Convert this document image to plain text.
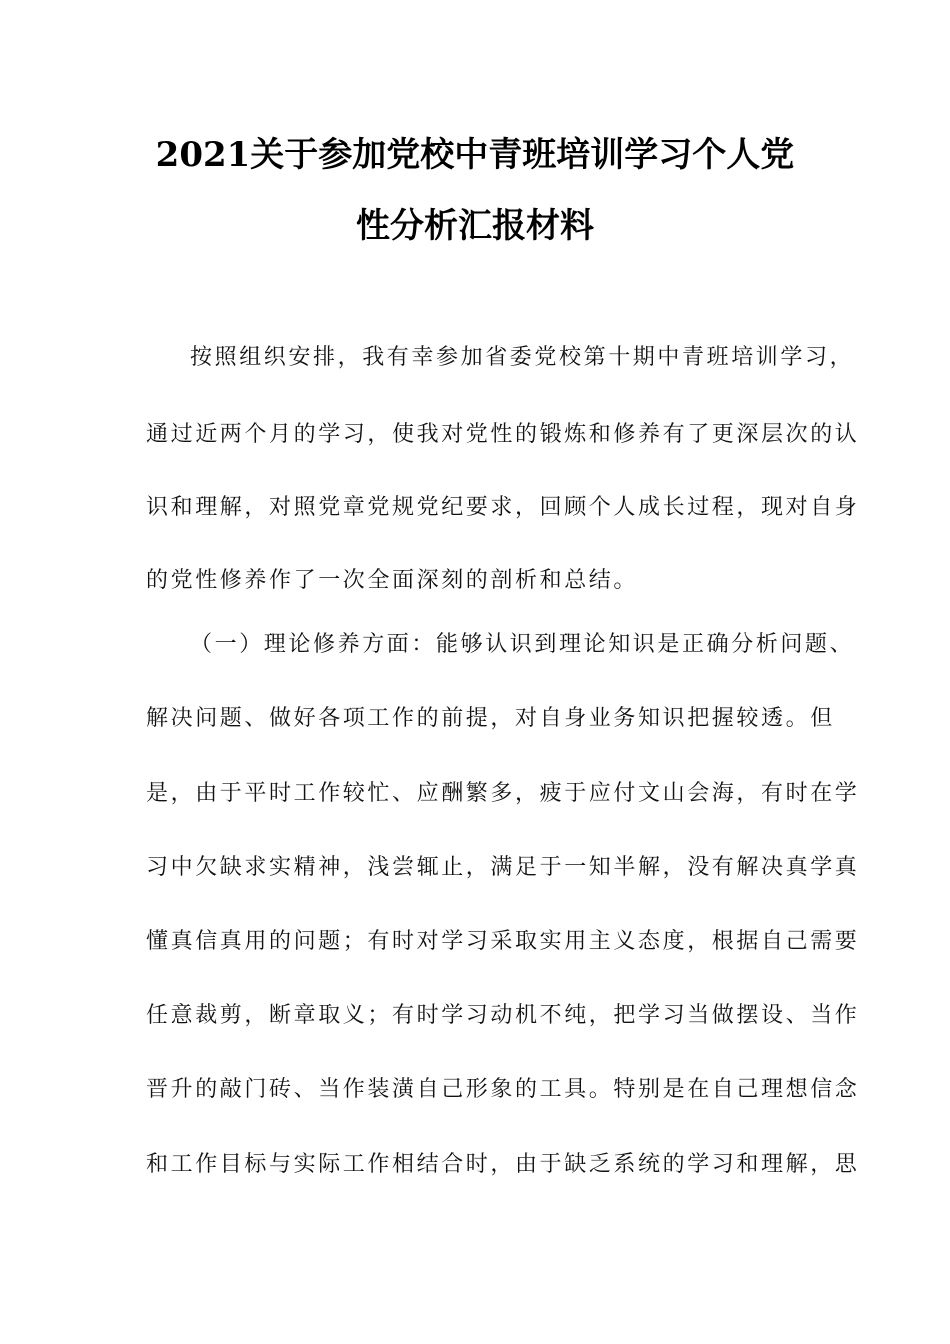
2021关于参加党校中青班培训学习个人党
性分析汇报材料
按照组织安排，我有幸参加省委党校第十期中青班培训学习，
通过近两个月的学习，使我对党性的锻炼和修养有了更深层次的认
识和理解，对照党章党规党纪要求，回顾个人成长过程，现对自身
的党性修养作了一次全面深刻的剖析和总结。
（一）理论修养方面：能够认识到理论知识是正确分析问题、
解决问题、做好各项工作的前提，对自身业务知识把握较透。但
是，由于平时工作较忙、应酬繁多，疲于应付文山会海，有时在学
习中欠缺求实精神，浅尝辄止，满足于一知半解，没有解决真学真
懂真信真用的问题；有时对学习采取实用主义态度，根据自己需要
任意裁剪，断章取义；有时学习动机不纯，把学习当做摆设、当作
晋升的敲门砖、当作装潢自己形象的工具。特别是在自己理想信念
和工作目标与实际工作相结合时，由于缺乏系统的学习和理解，思
